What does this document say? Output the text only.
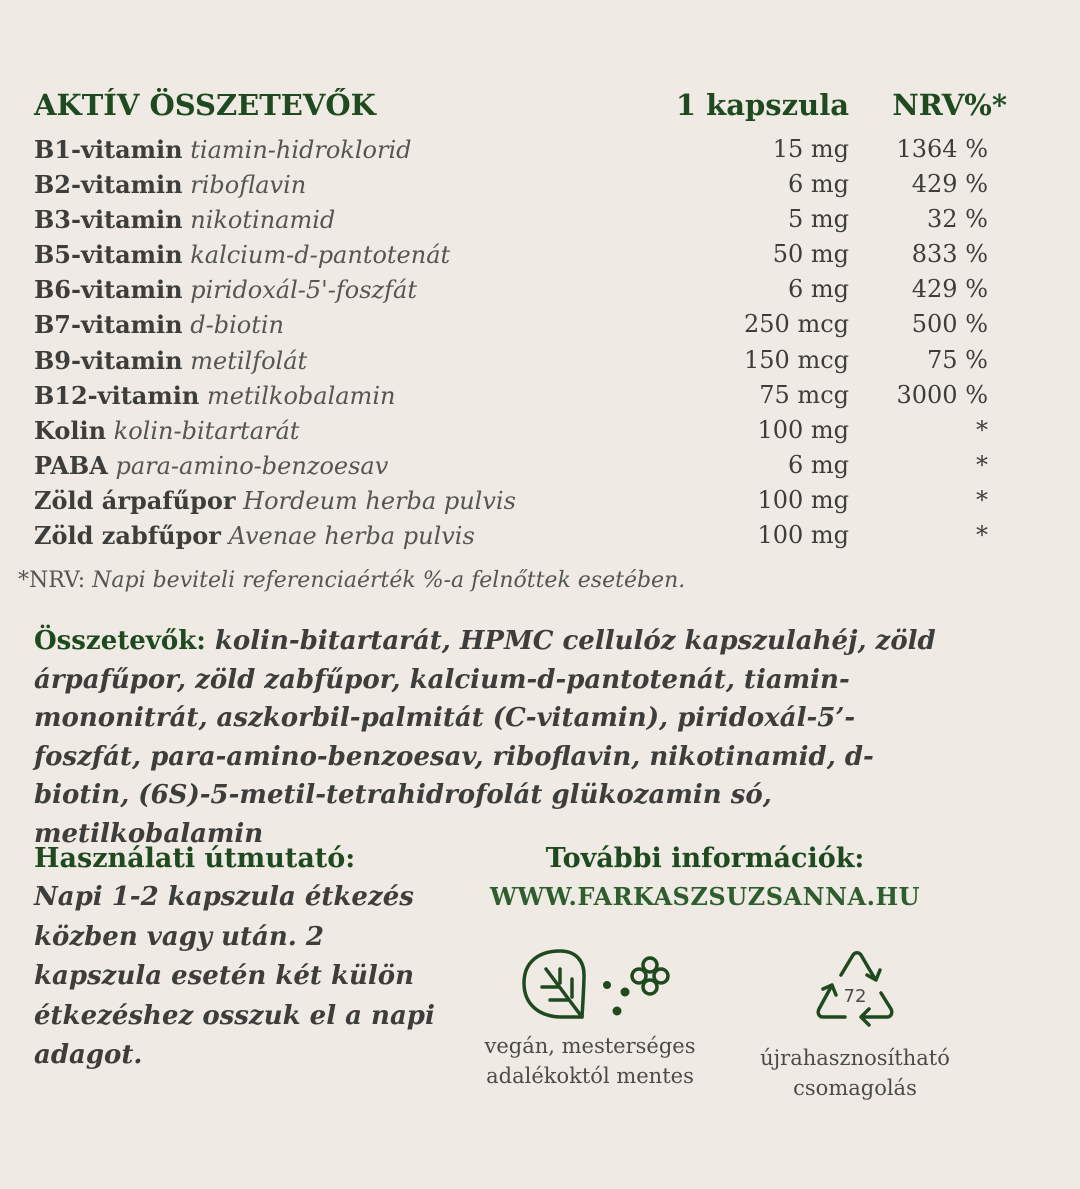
AKTÍV ÖSSZETEVŐK	1 kapszula NRV%*
B1-vitamin tiamin-hidroklorid	15 mg 1364 %
B2-vitamin riboflavin	6 mg	429 %
B3-vitamin nikotinamid	5 mg	32 %
B5-vitamin kalcium-d-pantotenát	50 mg	833 %
B6-vitamin piridoxál-5'-foszfát	6 mg	429 %
B7-vitamin d-biotin	250 mcg	500 %
B9-vitamin metilfolát	150 mcg	75 %
B12-vitamin metilkobalamin	75 mcg 3000 %
Kolin kolin-bitartarát	100 mg	*
PABA para-amino-benzoesav	6 mg	*
Zöld árpafűpor Hordeum herba pulvis	100 mg	*
Zöld zabfűpor Avenae herba pulvis	100 mg	*
*NRV: Napi beviteli referenciaérték %-a felnőttek esetében.
Összetevők: kolin-bitartarát, HPMC cellulóz kapszulahéj, zöld árpafűpor, zöld zabfűpor, kalcium-d-pantotenát, tiamin-mononitrát, aszkorbil-palmitát (C-vitamin), piridoxál-5’-foszfát, para-amino-benzoesav, riboflavin, nikotinamid, d-biotin, (6S)-5-metil-tetrahidrofolát glükozamin só, metilkobalamin
Használati útmutató:
Napi 1-2 kapszula étkezés közben vagy után. 2 kapszula esetén két külön étkezéshez osszuk el a napi adagot.
További információk:
WWW.FARKASZSUZSANNA.HU
vegán, mesterséges
adalékoktól mentes
72
újrahasznosítható
csomagolás
